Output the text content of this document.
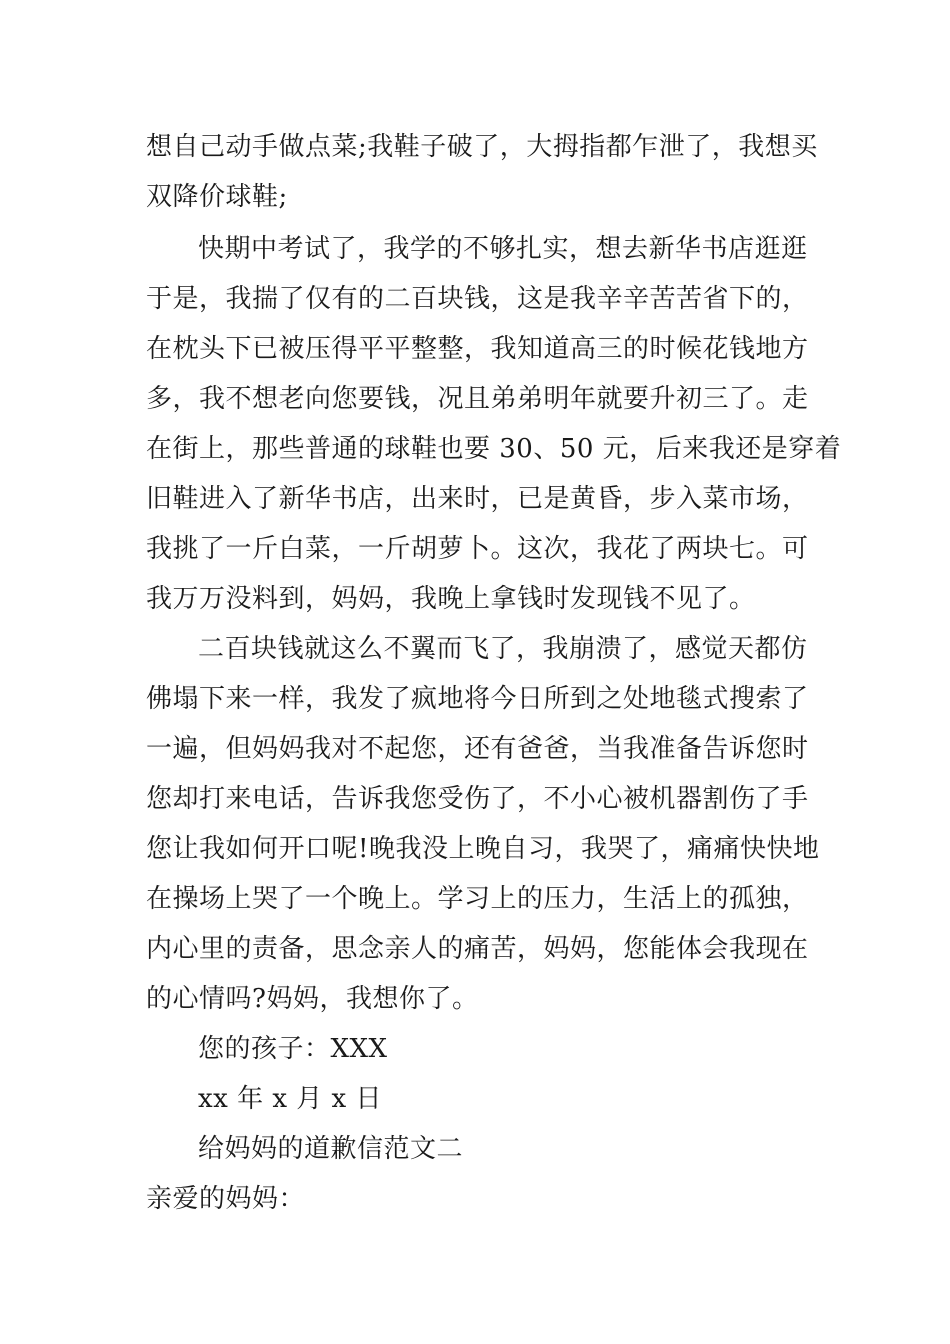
想自己动手做点菜;我鞋子破了，大拇指都乍泄了，我想买
双降价球鞋;
快期中考试了，我学的不够扎实，想去新华书店逛逛
于是，我揣了仅有的二百块钱，这是我辛辛苦苦省下的，
在枕头下已被压得平平整整，我知道高三的时候花钱地方
多，我不想老向您要钱，况且弟弟明年就要升初三了。走
在街上，那些普通的球鞋也要 30、50 元，后来我还是穿着
旧鞋进入了新华书店，出来时，已是黄昏，步入菜市场，
我挑了一斤白菜，一斤胡萝卜。这次，我花了两块七。可
我万万没料到，妈妈，我晚上拿钱时发现钱不见了。
二百块钱就这么不翼而飞了，我崩溃了，感觉天都仿
佛塌下来一样，我发了疯地将今日所到之处地毯式搜索了
一遍，但妈妈我对不起您，还有爸爸，当我准备告诉您时
您却打来电话，告诉我您受伤了，不小心被机器割伤了手
您让我如何开口呢!晚我没上晚自习，我哭了，痛痛快快地
在操场上哭了一个晚上。学习上的压力，生活上的孤独，
内心里的责备，思念亲人的痛苦，妈妈，您能体会我现在
的心情吗?妈妈，我想你了。
您的孩子：XXX
xx 年 x 月 x 日
给妈妈的道歉信范文二
亲爱的妈妈：
